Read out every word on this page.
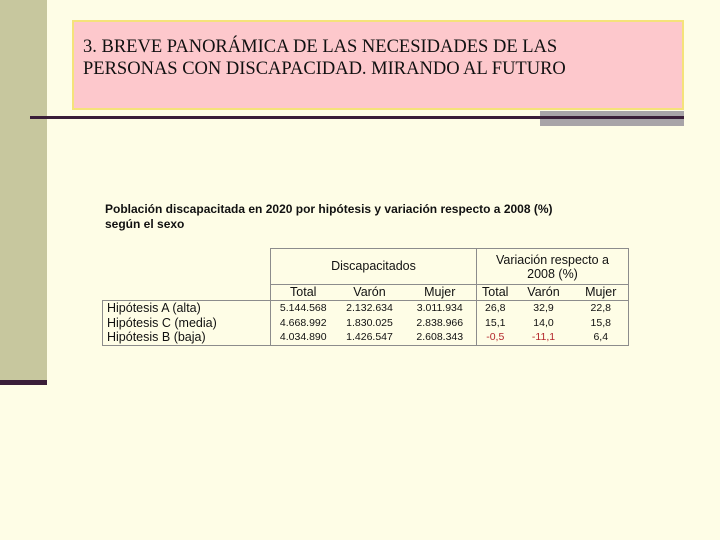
3. BREVE PANORÁMICA DE LAS NECESIDADES DE LAS
PERSONAS CON DISCAPACIDAD. MIRANDO AL FUTURO
Población discapacitada en 2020 por hipótesis y variación respecto a 2008 (%)
según el sexo
	Discapacitados			Variación respecto a
2008 (%)		
	Total	Varón	Mujer	Total	Varón	Mujer
Hipótesis A (alta)	5.144.568	2.132.634	3.011.934	26,8	32,9	22,8
Hipótesis C (media)	4.668.992	1.830.025	2.838.966	15,1	14,0	15,8
Hipótesis B (baja)	4.034.890	1.426.547	2.608.343	-0,5	-11,1	6,4
